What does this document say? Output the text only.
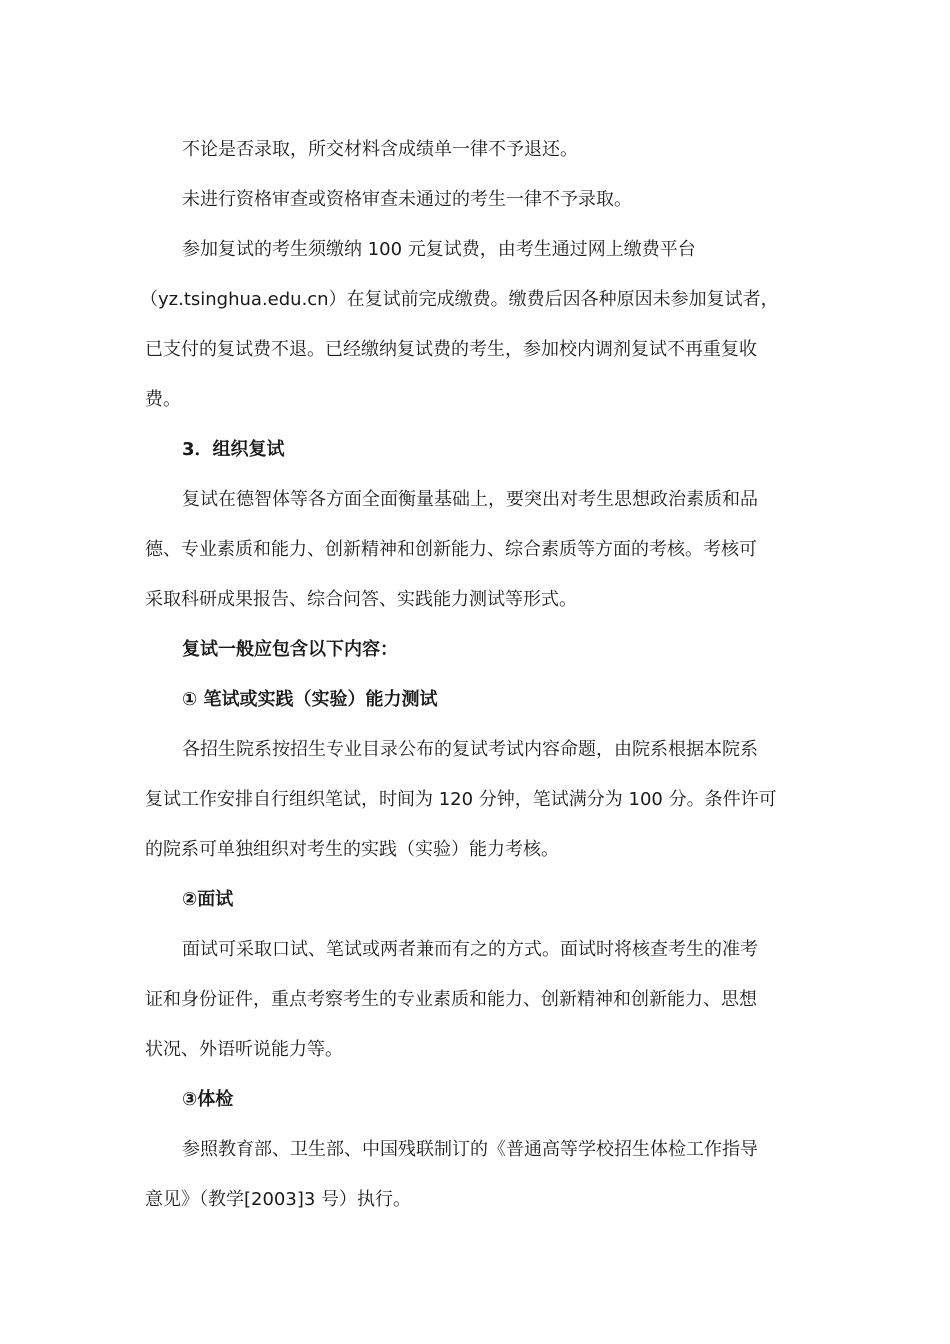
不论是否录取，所交材料含成绩单一律不予退还。
未进行资格审查或资格审查未通过的考生一律不予录取。
参加复试的考生须缴纳 100 元复试费，由考生通过网上缴费平台
（yz.tsinghua.edu.cn）在复试前完成缴费。缴费后因各种原因未参加复试者，
已支付的复试费不退。已经缴纳复试费的考生，参加校内调剂复试不再重复收
费。
3．组织复试
复试在德智体等各方面全面衡量基础上，要突出对考生思想政治素质和品
德、专业素质和能力、创新精神和创新能力、综合素质等方面的考核。考核可
采取科研成果报告、综合问答、实践能力测试等形式。
复试一般应包含以下内容：
① 笔试或实践（实验）能力测试
各招生院系按招生专业目录公布的复试考试内容命题，由院系根据本院系
复试工作安排自行组织笔试，时间为 120 分钟，笔试满分为 100 分。条件许可
的院系可单独组织对考生的实践（实验）能力考核。
②面试
面试可采取口试、笔试或两者兼而有之的方式。面试时将核查考生的准考
证和身份证件，重点考察考生的专业素质和能力、创新精神和创新能力、思想
状况、外语听说能力等。
③体检
参照教育部、卫生部、中国残联制订的《普通高等学校招生体检工作指导
意见》（教学[2003]3 号）执行。
